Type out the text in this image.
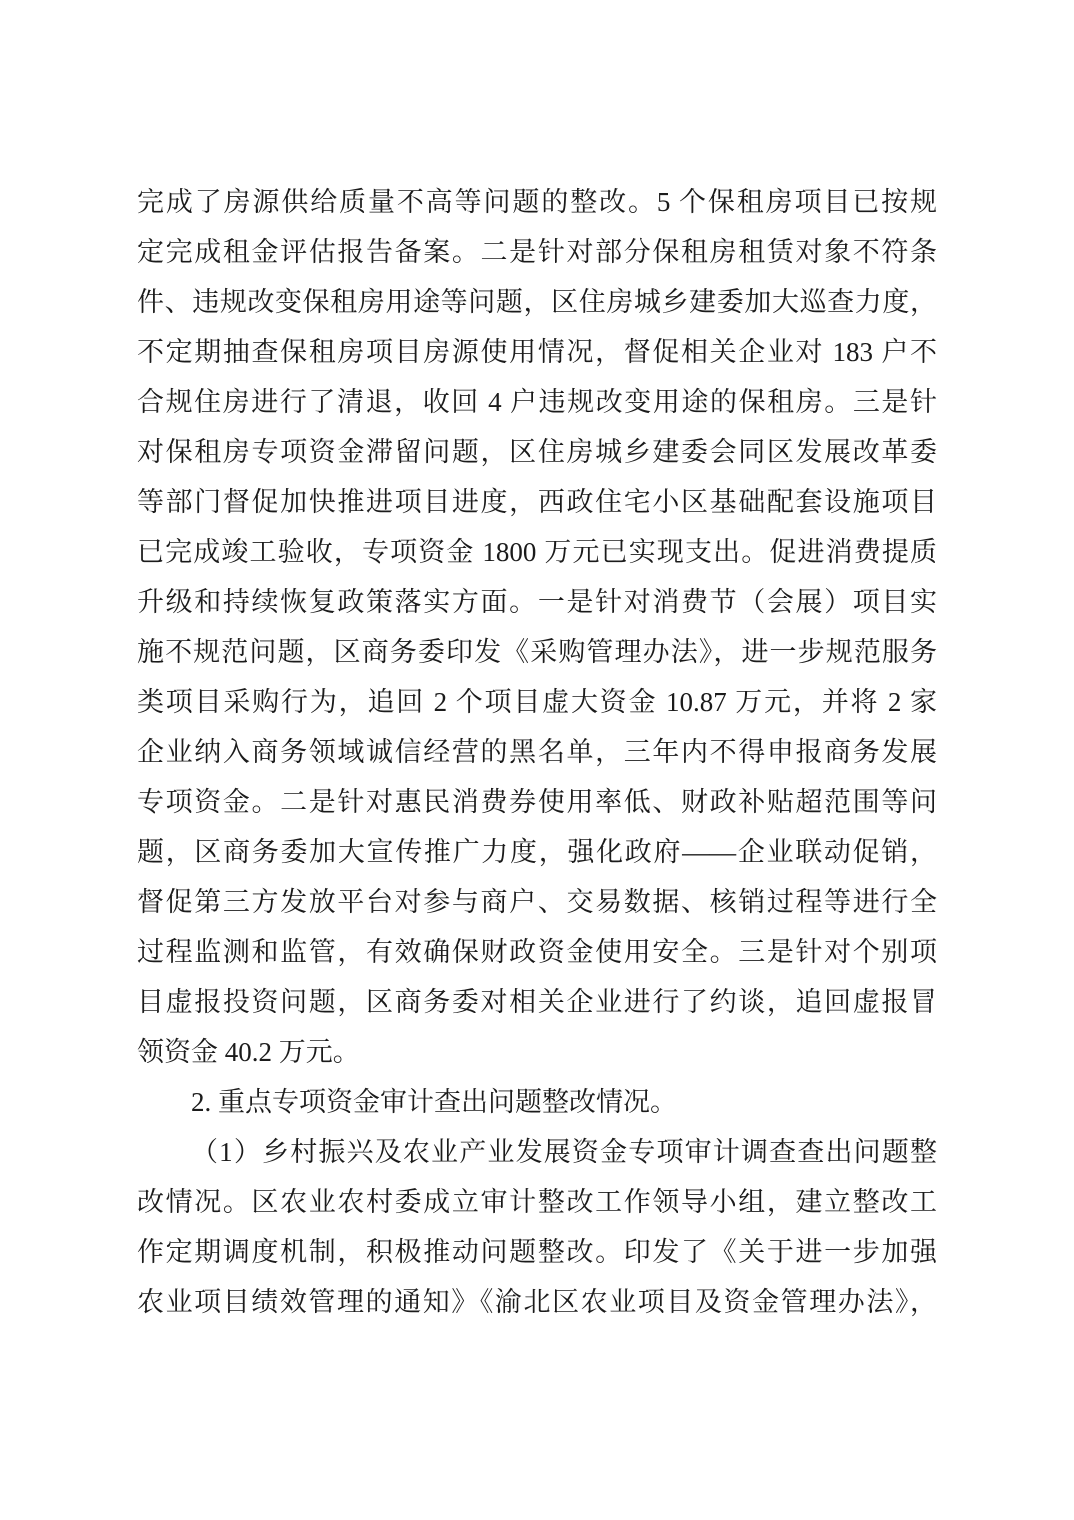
完成了房源供给质量不高等问题的整改。5 个保租房项目已按规
定完成租金评估报告备案。二是针对部分保租房租赁对象不符条
件、违规改变保租房用途等问题，区住房城乡建委加大巡查力度，
不定期抽查保租房项目房源使用情况，督促相关企业对 183 户不
合规住房进行了清退，收回 4 户违规改变用途的保租房。三是针
对保租房专项资金滞留问题，区住房城乡建委会同区发展改革委
等部门督促加快推进项目进度，西政住宅小区基础配套设施项目
已完成竣工验收，专项资金 1800 万元已实现支出。促进消费提质
升级和持续恢复政策落实方面。一是针对消费节（会展）项目实
施不规范问题，区商务委印发《采购管理办法》，进一步规范服务
类项目采购行为，追回 2 个项目虚大资金 10.87 万元，并将 2 家
企业纳入商务领域诚信经营的黑名单，三年内不得申报商务发展
专项资金。二是针对惠民消费券使用率低、财政补贴超范围等问
题，区商务委加大宣传推广力度，强化政府——企业联动促销，
督促第三方发放平台对参与商户、交易数据、核销过程等进行全
过程监测和监管，有效确保财政资金使用安全。三是针对个别项
目虚报投资问题，区商务委对相关企业进行了约谈，追回虚报冒
领资金 40.2 万元。
2. 重点专项资金审计查出问题整改情况。
（1）乡村振兴及农业产业发展资金专项审计调查查出问题整
改情况。区农业农村委成立审计整改工作领导小组，建立整改工
作定期调度机制，积极推动问题整改。印发了《关于进一步加强
农业项目绩效管理的通知》《渝北区农业项目及资金管理办法》，
